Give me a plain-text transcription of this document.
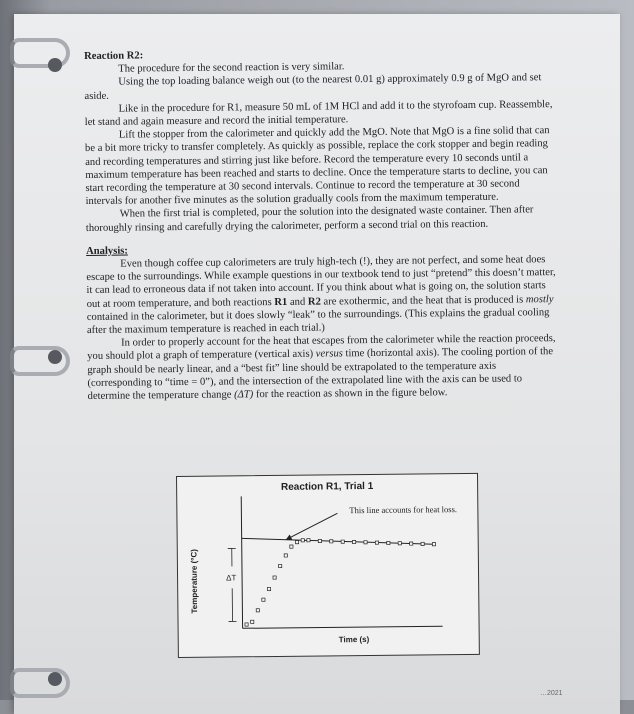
Reaction R2:

The procedure for the second reaction is very similar.

Using the top loading balance weigh out (to the nearest 0.01 g) approximately 0.9 g of MgO and set aside.

Like in the procedure for R1, measure 50 mL of 1M HCl and add it to the styrofoam cup. Reassemble, let stand and again measure and record the initial temperature.

Lift the stopper from the calorimeter and quickly add the MgO. Note that MgO is a fine solid that can be a bit more tricky to transfer completely. As quickly as possible, replace the cork stopper and begin reading and recording temperatures and stirring just like before. Record the temperature every 10 seconds until a maximum temperature has been reached and starts to decline. Once the temperature starts to decline, you can start recording the temperature at 30 second intervals. Continue to record the temperature at 30 second intervals for another five minutes as the solution gradually cools from the maximum temperature.

When the first trial is completed, pour the solution into the designated waste container. Then after thoroughly rinsing and carefully drying the calorimeter, perform a second trial on this reaction.

Analysis:

Even though coffee cup calorimeters are truly high-tech (!), they are not perfect, and some heat does escape to the surroundings. While example questions in our textbook tend to just “pretend” this doesn’t matter, it can lead to erroneous data if not taken into account. If you think about what is going on, the solution starts out at room temperature, and both reactions R1 and R2 are exothermic, and the heat that is produced is mostly contained in the calorimeter, but it does slowly “leak” to the surroundings. (This explains the gradual cooling after the maximum temperature is reached in each trial.)

In order to properly account for the heat that escapes from the calorimeter while the reaction proceeds, you should plot a graph of temperature (vertical axis) versus time (horizontal axis). The cooling portion of the graph should be nearly linear, and a “best fit” line should be extrapolated to the temperature axis (corresponding to “time = 0”), and the intersection of the extrapolated line with the axis can be used to determine the temperature change (ΔT) for the reaction as shown in the figure below.

Reaction R1, Trial 1
This line accounts for heat loss.
Temperature (°C)
Time (s)
ΔT
…2021
